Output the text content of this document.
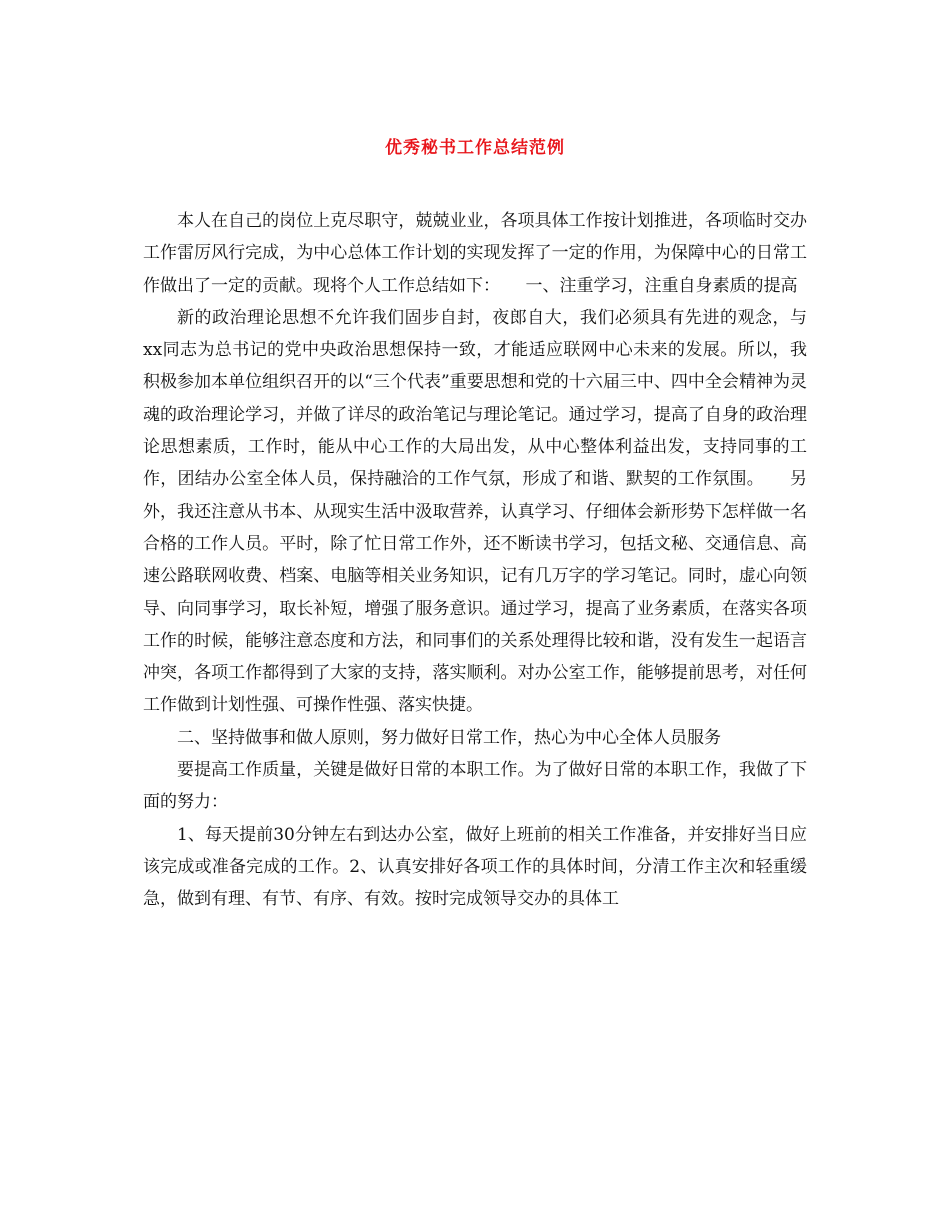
优秀秘书工作总结范例

本人在自己的岗位上克尽职守，兢兢业业，各项具体工作按计划推进，各项临时交办工作雷厉风行完成，为中心总体工作计划的实现发挥了一定的作用，为保障中心的日常工作做出了一定的贡献。现将个人工作总结如下：　　一、注重学习，注重自身素质的提高

新的政治理论思想不允许我们固步自封，夜郎自大，我们必须具有先进的观念，与xx同志为总书记的党中央政治思想保持一致，才能适应联网中心未来的发展。所以，我积极参加本单位组织召开的以“三个代表”重要思想和党的十六届三中、四中全会精神为灵魂的政治理论学习，并做了详尽的政治笔记与理论笔记。通过学习，提高了自身的政治理论思想素质，工作时，能从中心工作的大局出发，从中心整体利益出发，支持同事的工作，团结办公室全体人员，保持融洽的工作气氛，形成了和谐、默契的工作氛围。　　另外，我还注意从书本、从现实生活中汲取营养，认真学习、仔细体会新形势下怎样做一名合格的工作人员。平时，除了忙日常工作外，还不断读书学习，包括文秘、交通信息、高速公路联网收费、档案、电脑等相关业务知识，记有几万字的学习笔记。同时，虚心向领导、向同事学习，取长补短，增强了服务意识。通过学习，提高了业务素质，在落实各项工作的时候，能够注意态度和方法，和同事们的关系处理得比较和谐，没有发生一起语言冲突，各项工作都得到了大家的支持，落实顺利。对办公室工作，能够提前思考，对任何工作做到计划性强、可操作性强、落实快捷。

二、坚持做事和做人原则，努力做好日常工作，热心为中心全体人员服务

要提高工作质量，关键是做好日常的本职工作。为了做好日常的本职工作，我做了下面的努力：

1、每天提前30分钟左右到达办公室，做好上班前的相关工作准备，并安排好当日应该完成或准备完成的工作。2、认真安排好各项工作的具体时间，分清工作主次和轻重缓急，做到有理、有节、有序、有效。按时完成领导交办的具体工
